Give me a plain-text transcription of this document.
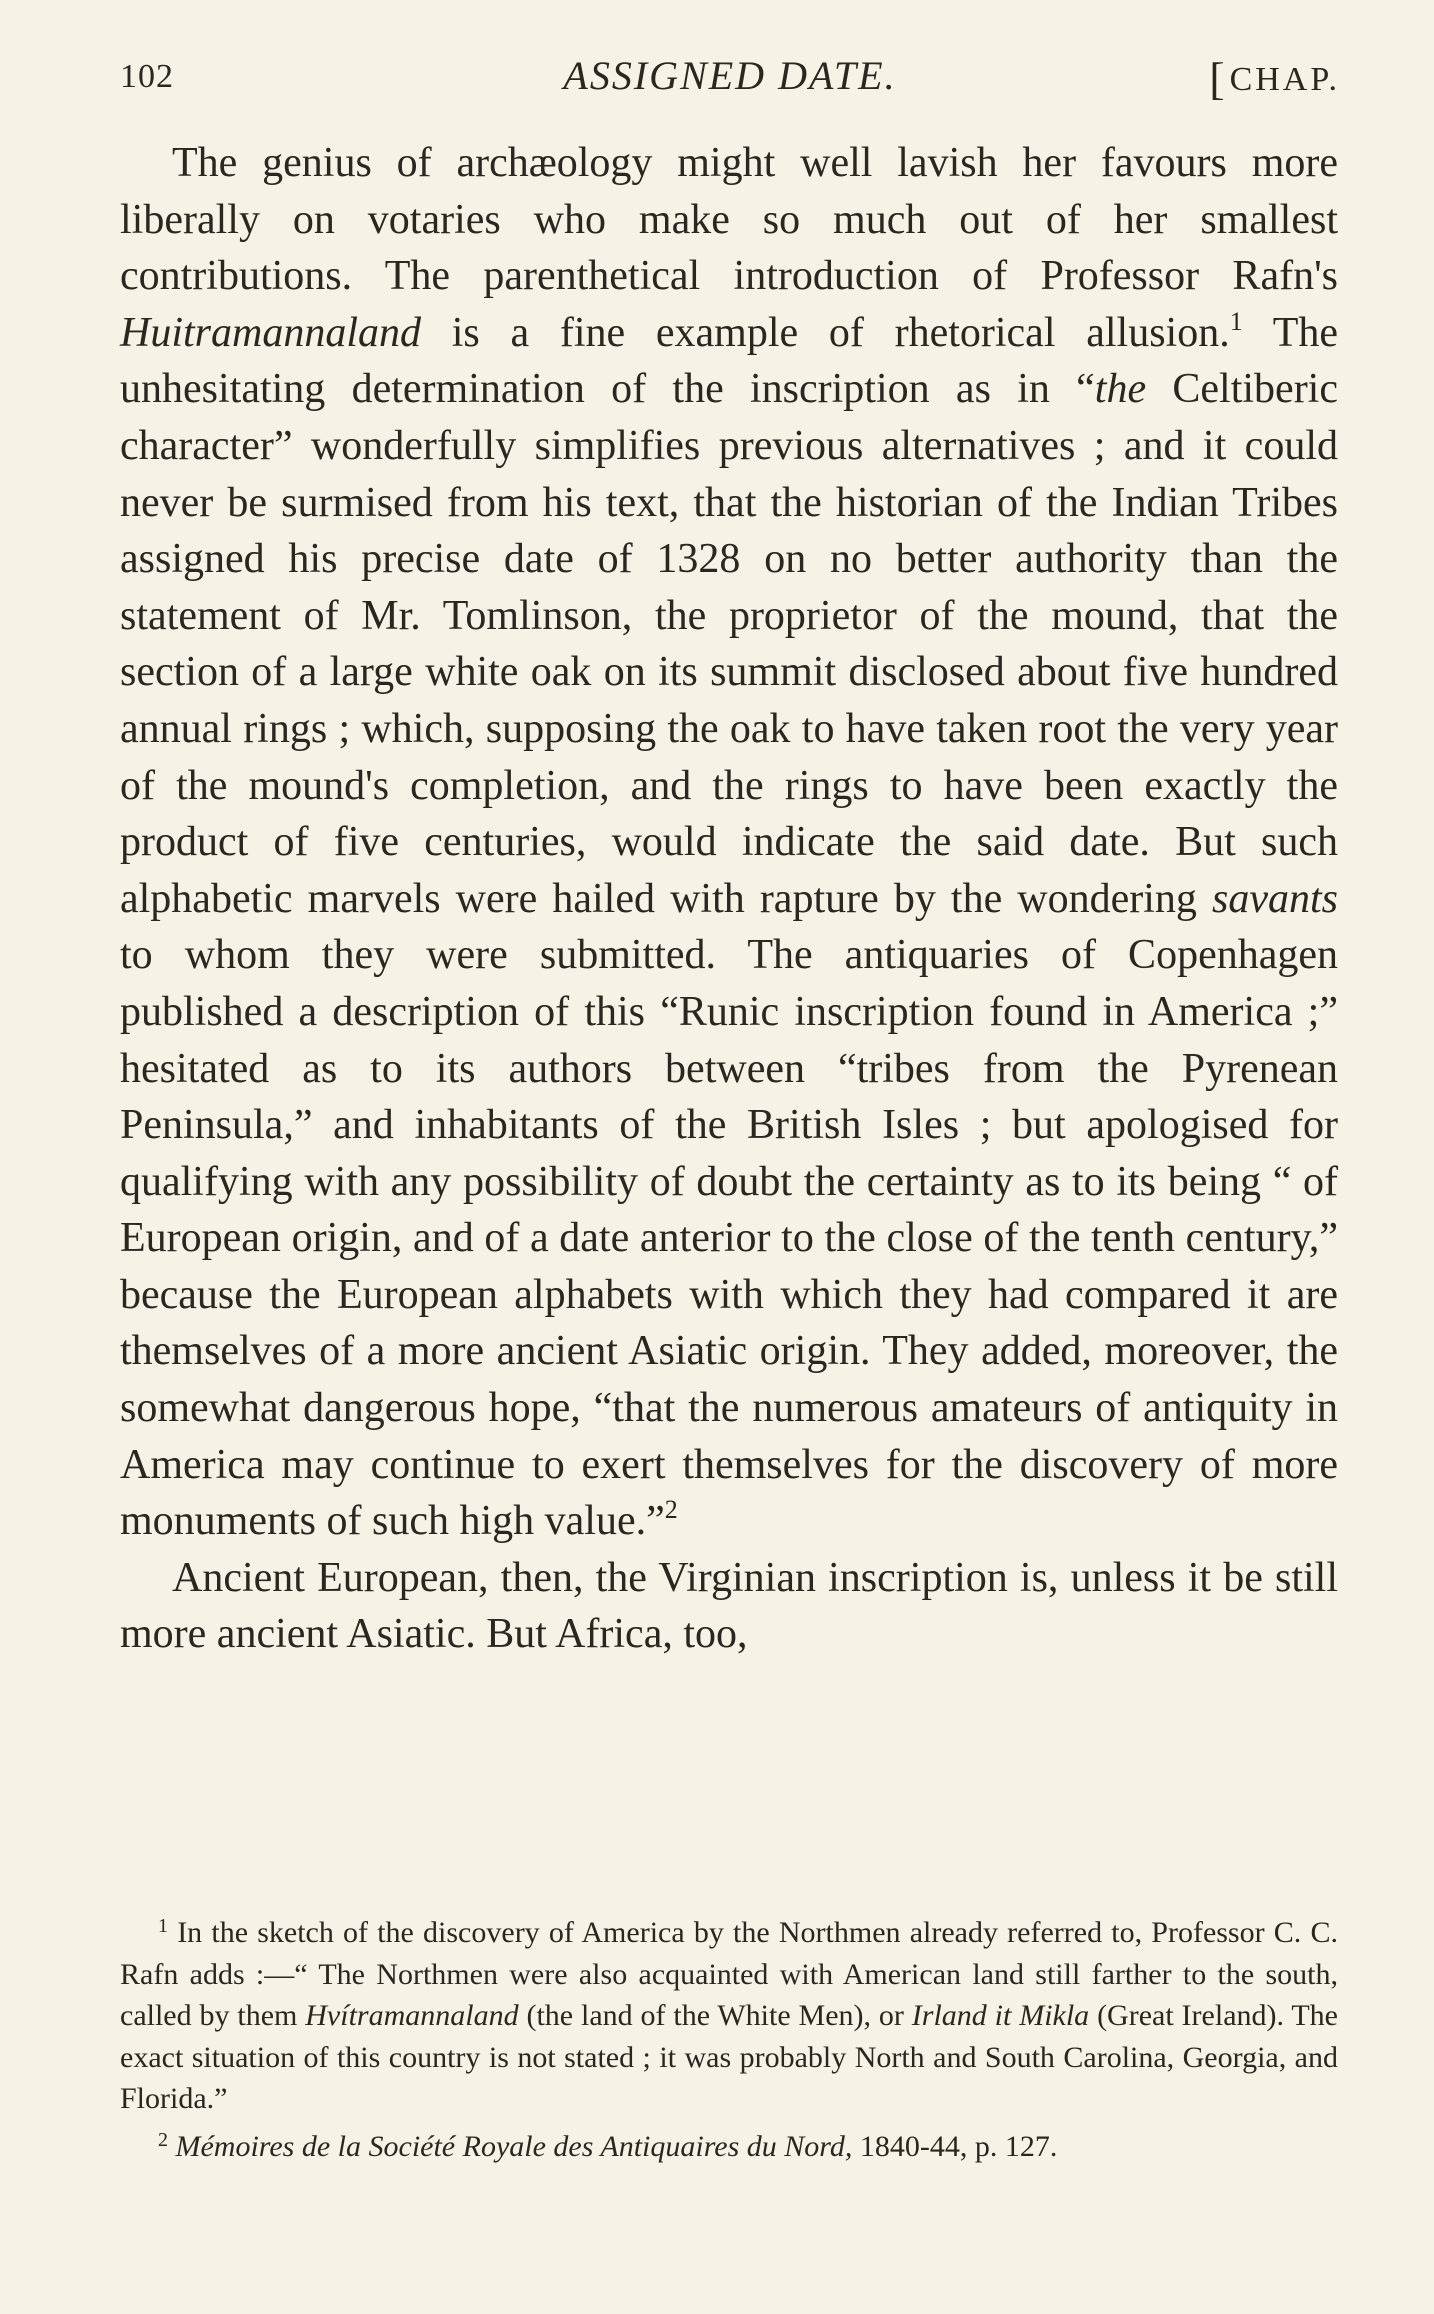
102	ASSIGNED DATE.	[CHAP.

The genius of archæology might well lavish her favours more liberally on votaries who make so much out of her smallest contributions. The parenthetical introduction of Professor Rafn's Huitramannaland is a fine example of rhetorical allusion.$^1$ The unhesitating determination of the inscription as in “the Celtiberic character” wonderfully simplifies previous alternatives ; and it could never be surmised from his text, that the historian of the Indian Tribes assigned his precise date of 1328 on no better authority than the statement of Mr. Tomlinson, the proprietor of the mound, that the section of a large white oak on its summit disclosed about five hundred annual rings ; which, supposing the oak to have taken root the very year of the mound's completion, and the rings to have been exactly the product of five centuries, would indicate the said date. But such alphabetic marvels were hailed with rapture by the wondering savants to whom they were submitted. The antiquaries of Copenhagen published a description of this “Runic inscription found in America ;” hesitated as to its authors between “tribes from the Pyrenean Peninsula,” and inhabitants of the British Isles ; but apologised for qualifying with any possibility of doubt the certainty as to its being “ of European origin, and of a date anterior to the close of the tenth century,” because the European alphabets with which they had compared it are themselves of a more ancient Asiatic origin. They added, moreover, the somewhat dangerous hope, “that the numerous amateurs of antiquity in America may continue to exert themselves for the discovery of more monuments of such high value.”$^2$

Ancient European, then, the Virginian inscription is, unless it be still more ancient Asiatic. But Africa, too,

$^1$ In the sketch of the discovery of America by the Northmen already referred to, Professor C. C. Rafn adds :—“ The Northmen were also acquainted with American land still farther to the south, called by them Hvítramannaland (the land of the White Men), or Irland it Mikla (Great Ireland). The exact situation of this country is not stated ; it was probably North and South Carolina, Georgia, and Florida.”

$^2$ Mémoires de la Société Royale des Antiquaires du Nord, 1840-44, p. 127.
